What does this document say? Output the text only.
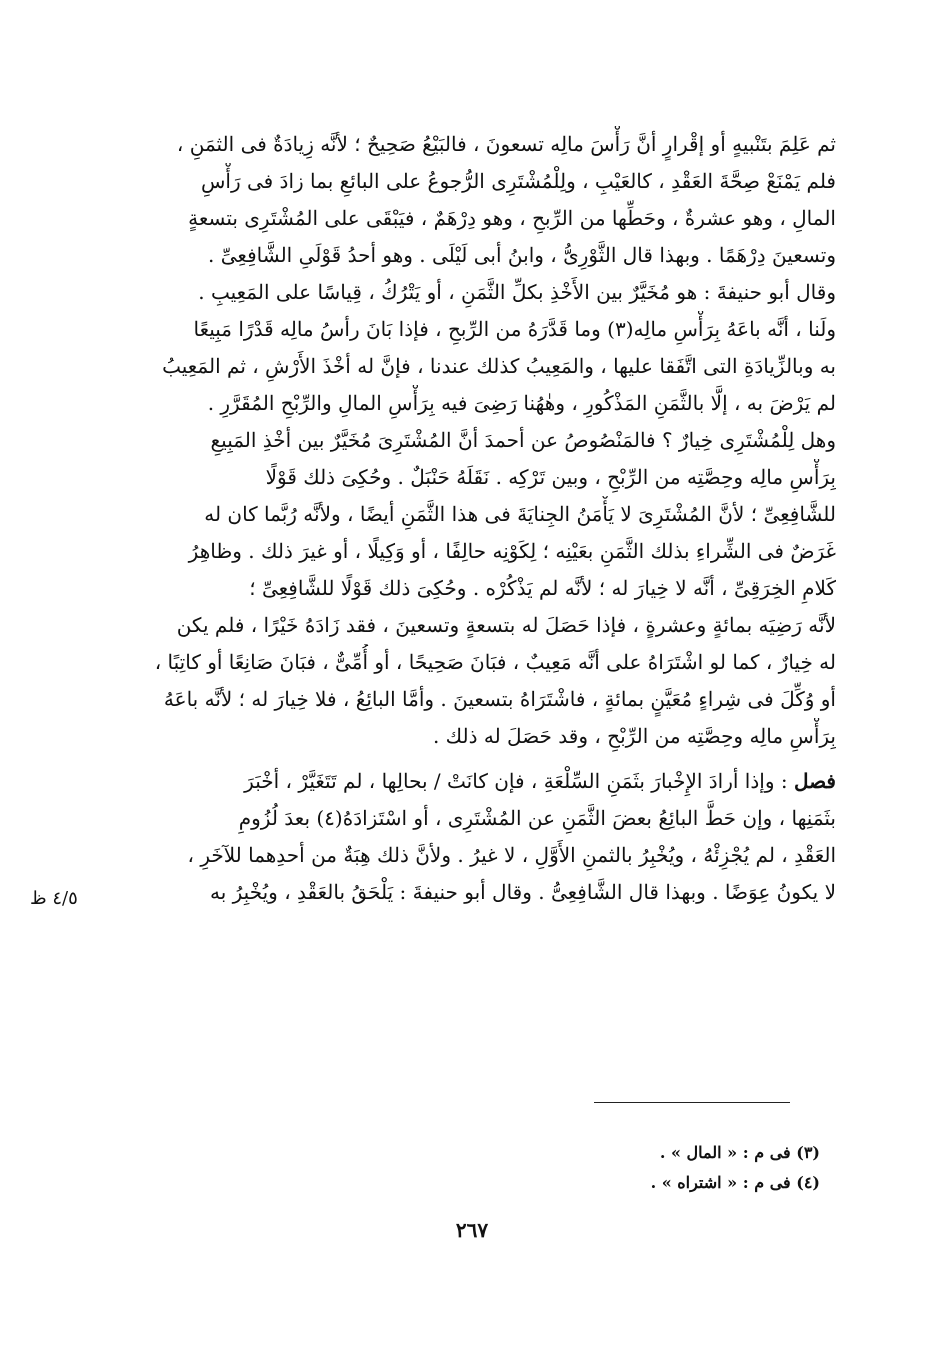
ثم عَلِمَ بتَنْبيهٍ أو إقْرارٍ أنَّ رَأْسَ مالِه تسعونَ ، فالبَيْعُ صَحِيحٌ ؛ لأنَّه زِيادَةٌ فى الثمَنِ ،
فلم يَمْنَعْ صِحَّةَ العَقْدِ ، كالعَيْبِ ، ولِلْمُشْتَرِى الرُّجوعُ على البائعِ بما زادَ فى رَأْسِ
المالِ ، وهو عشرةٌ ، وحَطِّها من الرِّبحِ ، وهو دِرْهَمٌ ، فيَبْقَى على المُشْتَرِى بتسعةٍ
وتسعينَ دِرْهَمًا . وبهذا قال الثَّوْرِىُّ ، وابنُ أبى لَيْلَى . وهو أحدُ قَوْلَىِ الشَّافِعِىِّ .
وقال أبو حنيفةَ : هو مُخَيَّرٌ بين الأَخْذِ بكلِّ الثَّمَنِ ، أو يَتْرُكُ ، قِياسًا على المَعِيبِ .
ولَنا ، أنَّه باعَهُ بِرَأْسِ مالِه(٣) وما قَدَّرَهُ من الرِّبحِ ، فإذا بَانَ رأسُ مالِه قَدْرًا مَبِيعًا
به وبالزِّيادَةِ التى اتَّفَقا عليها ، والمَعِيبُ كذلك عندنا ، فإنَّ له أخْذَ الأَرْشِ ، ثم المَعِيبُ
لم يَرْضَ به ، إلَّا بالثَّمَنِ المَذْكُورِ ، وهٰهُنا رَضِىَ فيه بِرَأْسِ المالِ والرِّبْحِ المُقَرَّرِ .
وهل لِلْمُشْتَرِى خِيارٌ ؟ فالمَنْصُوصُ عن أحمدَ أنَّ المُشْتَرِىَ مُخَيَّرٌ بين أخْذِ المَبِيعِ
بِرَأْسِ مالِه وحِصَّتِه من الرِّبْحِ ، وبين تَرْكِه . نَقَلَهُ حَنْبَلٌ . وحُكِىَ ذلك قَوْلًا
للشَّافِعِىِّ ؛ لأنَّ المُشْتَرِىَ لا يَأْمَنُ الجِنايَةَ فى هذا الثَّمَنِ أيضًا ، ولأنَّه رُبَّما كان له
غَرَضٌ فى الشِّراءِ بذلك الثَّمَنِ بعَيْنِه ؛ لِكَوْنِه حالِفًا ، أو وَكِيلًا ، أو غيرَ ذلك . وظاهِرُ
كَلامِ الخِرَقِىِّ ، أنَّه لا خِيارَ له ؛ لأنَّه لم يَذْكُرْه . وحُكِىَ ذلك قَوْلًا للشَّافِعِىِّ ؛
لأنَّه رَضِيَه بمائةٍ وعشرةٍ ، فإذا حَصَلَ له بتسعةٍ وتسعينَ ، فقد زَادَهُ خَيْرًا ، فلم يكن
له خِيارٌ ، كما لو اشْتَرَاهُ على أنَّه مَعِيبٌ ، فبَانَ صَحِيحًا ، أو أُمِّىٌّ ، فبَانَ صَانِعًا أو كاتِبًا ،
أو وُكِّلَ فى شِراءٍ مُعَيَّنٍ بمائةٍ ، فاشْتَرَاهُ بتسعينَ . وأمَّا البائِعُ ، فلا خِيارَ له ؛ لأنَّه باعَهُ
بِرَأْسِ مالِه وحِصَّتِه من الرِّبْحِ ، وقد حَصَلَ له ذلك .
فصل : وإذا أرادَ الإِخْبارَ بثَمَنِ السِّلْعَةِ ، فإن كانَتْ / بحالِها ، لم تَتَغَيَّرْ ، أخْبَرَ
بثَمَنِها ، وإن حَطَّ البائِعُ بعضَ الثَّمَنِ عن المُشْتَرِى ، أو اسْتَزادَهُ(٤) بعدَ لُزُومِ
العَقْدِ ، لم يُجْزِئْهُ ، ويُخْبِرُ بالثمنِ الأَوَّلِ ، لا غيرُ . ولأنَّ ذلك هِبَةٌ من أحدِهما للآخَرِ ،
لا يكونُ عِوَضًا . وبهذا قال الشَّافِعِىُّ . وقال أبو حنيفةَ : يَلْحَقُ بالعَقْدِ ، ويُخْبِرُ به
٤/٥ ظ
(٣) فى م : « المال » .
(٤) فى م : « اشتراه » .
٢٦٧
